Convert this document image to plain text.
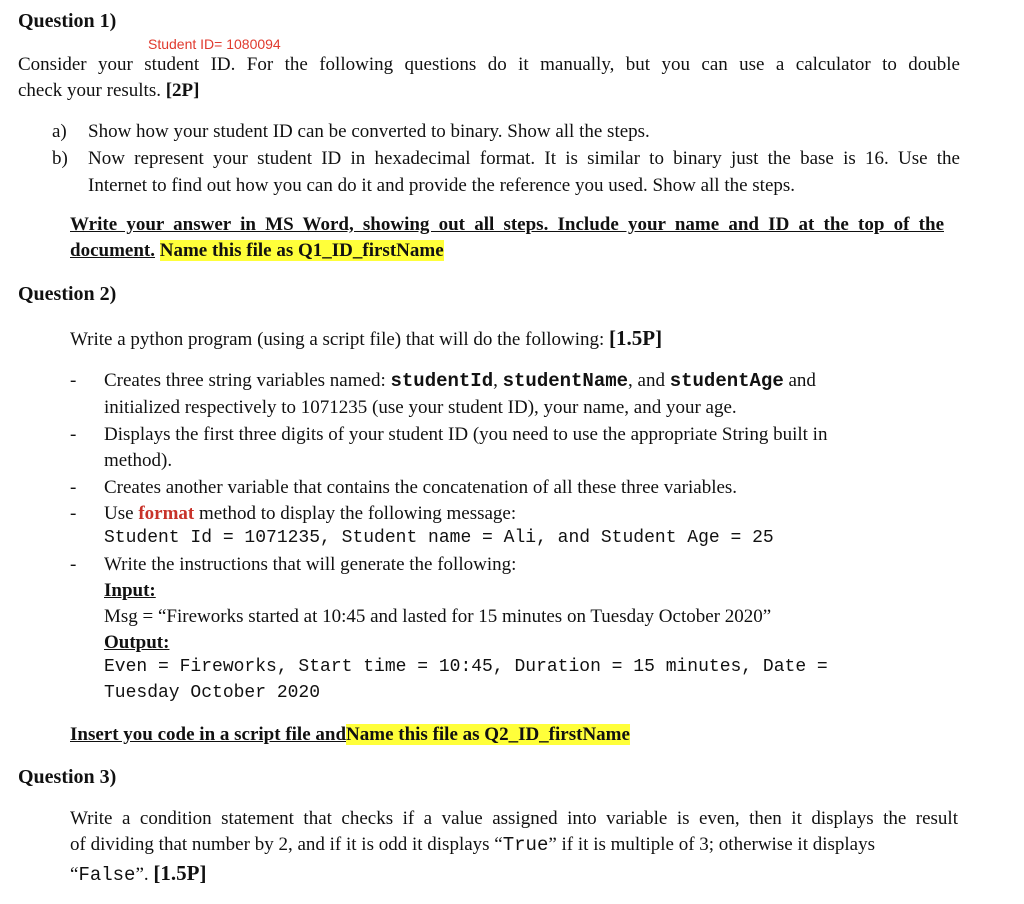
Question 1)
Student ID= 1080094
Consider your student ID. For the following questions do it manually, but you can use a calculator to double
check your results. [2P]
a) Show how your student ID can be converted to binary. Show all the steps.
b) Now represent your student ID in hexadecimal format. It is similar to binary just the base is 16. Use the
Internet to find out how you can do it and provide the reference you used. Show all the steps.
Write your answer in MS Word, showing out all steps. Include your name and ID at the top of the
document. Name this file as Q1_ID_firstName
Question 2)
Write a python program (using a script file) that will do the following: [1.5P]
- Creates three string variables named: studentId, studentName, and studentAge and
initialized respectively to 1071235 (use your student ID), your name, and your age.
- Displays the first three digits of your student ID (you need to use the appropriate String built in
method).
- Creates another variable that contains the concatenation of all these three variables.
- Use format method to display the following message:
Student Id = 1071235, Student name = Ali, and Student Age = 25
- Write the instructions that will generate the following:
Input:
Msg = “Fireworks started at 10:45 and lasted for 15 minutes on Tuesday October 2020”
Output:
Even = Fireworks, Start time = 10:45, Duration = 15 minutes, Date =
Tuesday October 2020
Insert you code in a script file andName this file as Q2_ID_firstName
Question 3)
Write a condition statement that checks if a value assigned into variable is even, then it displays the result
of dividing that number by 2, and if it is odd it displays “True” if it is multiple of 3; otherwise it displays
“False”. [1.5P]
